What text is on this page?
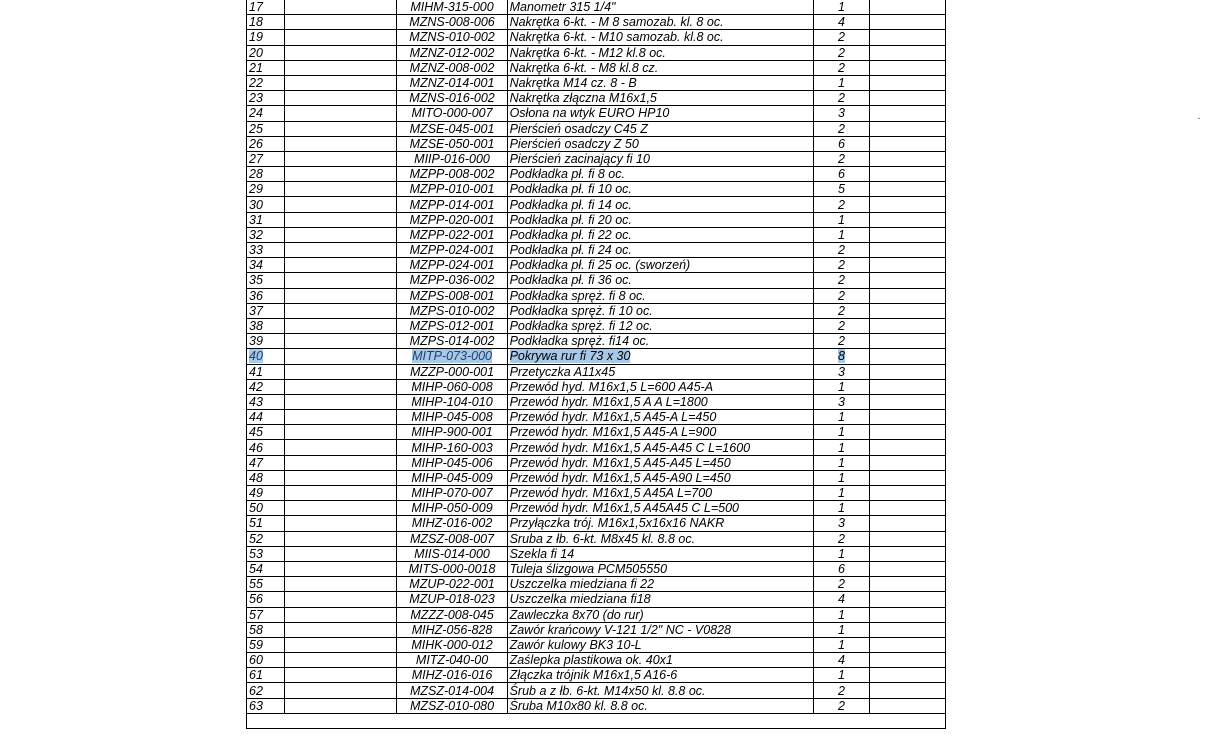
17		MIHM-315-000	Manometr 315 1/4"	1	
18		MZNS-008-006	Nakrętka 6-kt. - M 8 samozab. kl. 8 oc.	4	
19		MZNS-010-002	Nakrętka 6-kt. - M10 samozab. kl.8 oc.	2	
20		MZNZ-012-002	Nakrętka 6-kt. - M12 kl.8 oc.	2	
21		MZNZ-008-002	Nakrętka 6-kt. - M8 kl.8 cz.	2	
22		MZNZ-014-001	Nakrętka M14 cz. 8 - B	1	
23		MZNS-016-002	Nakrętka złączna M16x1,5	2	
24		MITO-000-007	Osłona na wtyk EURO HP10	3	
25		MZSE-045-001	Pierścień osadczy C45 Z	2	
26		MZSE-050-001	Pierścień osadczy Z 50	6	
27		MIIP-016-000	Pierścień zacinający fi 10	2	
28		MZPP-008-002	Podkładka pł. fi 8 oc.	6	
29		MZPP-010-001	Podkładka pł. fi 10 oc.	5	
30		MZPP-014-001	Podkładka pł. fi 14 oc.	2	
31		MZPP-020-001	Podkładka pł. fi 20 oc.	1	
32		MZPP-022-001	Podkładka pł. fi 22 oc.	1	
33		MZPP-024-001	Podkładka pł. fi 24 oc.	2	
34		MZPP-024-001	Podkładka pł. fi 25 oc. (sworzeń)	2	
35		MZPP-036-002	Podkładka pł. fi 36 oc.	2	
36		MZPS-008-001	Podkładka spręż. fi 8 oc.	2	
37		MZPS-010-002	Podkładka spręż. fi 10 oc.	2	
38		MZPS-012-001	Podkładka spręż. fi 12 oc.	2	
39		MZPS-014-002	Podkładka spręż. fi14 oc.	2	
40		MITP-073-000	Pokrywa rur fi 73 x 30	8	
41		MZZP-000-001	Przetyczka A11x45	3	
42		MIHP-060-008	Przewód hyd. M16x1,5 L=600 A45-A	1	
43		MIHP-104-010	Przewód hydr. M16x1,5 A A L=1800	3	
44		MIHP-045-008	Przewód hydr. M16x1,5 A45-A L=450	1	
45		MIHP-900-001	Przewód hydr. M16x1,5 A45-A L=900	1	
46		MIHP-160-003	Przewód hydr. M16x1,5 A45-A45 C L=1600	1	
47		MIHP-045-006	Przewód hydr. M16x1,5 A45-A45 L=450	1	
48		MIHP-045-009	Przewód hydr. M16x1,5 A45-A90 L=450	1	
49		MIHP-070-007	Przewód hydr. M16x1,5 A45A L=700	1	
50		MIHP-050-009	Przewód hydr. M16x1,5 A45A45 C L=500	1	
51		MIHZ-016-002	Przyłączka trój. M16x1,5x16x16 NAKR	3	
52		MZSZ-008-007	Sruba z łb. 6-kt. M8x45 kl. 8.8 oc.	2	
53		MIIS-014-000	Szekla fi 14	1	
54		MITS-000-0018	Tuleja ślizgowa PCM505550	6	
55		MZUP-022-001	Uszczelka miedziana fi 22	2	
56		MZUP-018-023	Uszczelka miedziana fi18	4	
57		MZZZ-008-045	Zawleczka 8x70 (do rur)	1	
58		MIHZ-056-828	Zawór krańcowy V-121 1/2" NC - V0828	1	
59		MIHK-000-012	Zawór kulowy BK3 10-L	1	
60		MITZ-040-00	Zaślepka plastikowa ok. 40x1	4	
61		MIHZ-016-016	Złączka trójnik M16x1,5 A16-6	1	
62		MZSZ-014-004	Śrub a z łb. 6-kt. M14x50 kl. 8.8 oc.	2	
63		MZSZ-010-080	Śruba M10x80 kl. 8.8 oc.	2	
